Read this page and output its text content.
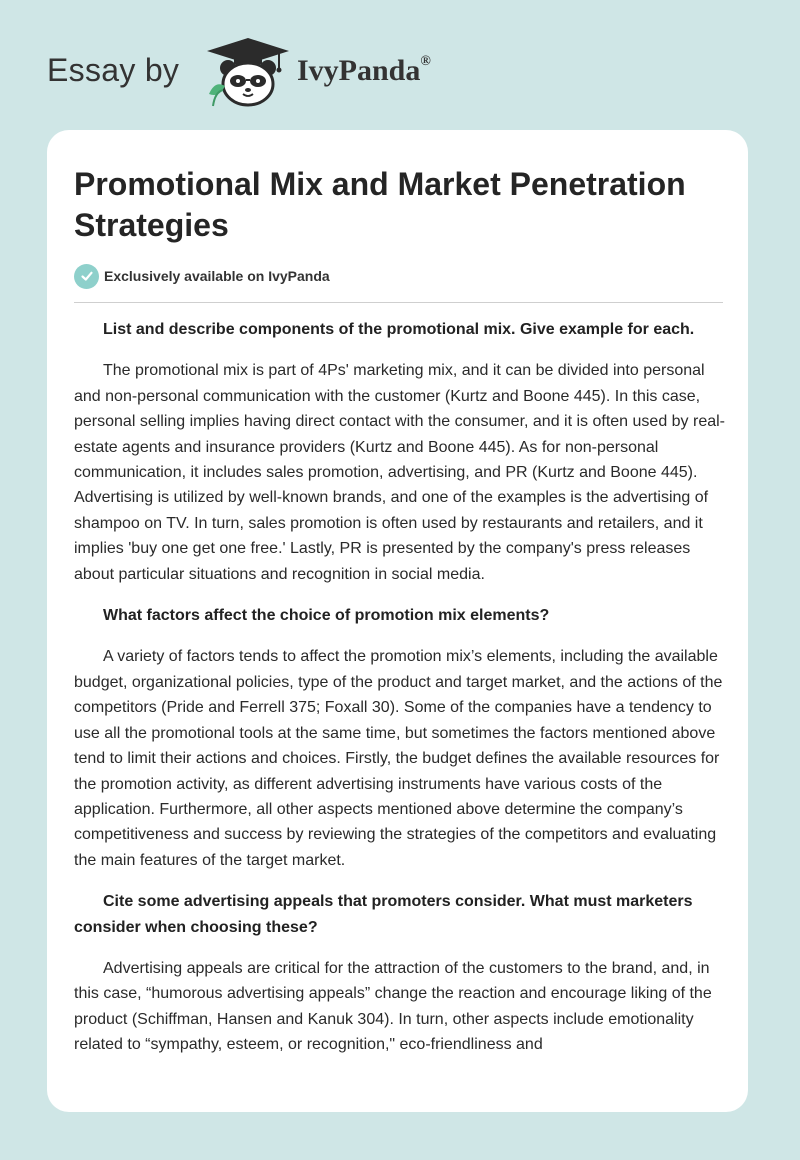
Essay by	IvyPanda®
Promotional Mix and Market Penetration Strategies
Exclusively available on IvyPanda

List and describe components of the promotional mix. Give example for each.

The promotional mix is part of 4Ps' marketing mix, and it can be divided into personal and non-personal communication with the customer (Kurtz and Boone 445). In this case, personal selling implies having direct contact with the consumer, and it is often used by real-estate agents and insurance providers (Kurtz and Boone 445). As for non-personal communication, it includes sales promotion, advertising, and PR (Kurtz and Boone 445). Advertising is utilized by well-known brands, and one of the examples is the advertising of shampoo on TV. In turn, sales promotion is often used by restaurants and retailers, and it implies 'buy one get one free.' Lastly, PR is presented by the company's press releases about particular situations and recognition in social media.

What factors affect the choice of promotion mix elements?

A variety of factors tends to affect the promotion mix’s elements, including the available budget, organizational policies, type of the product and target market, and the actions of the competitors (Pride and Ferrell 375; Foxall 30). Some of the companies have a tendency to use all the promotional tools at the same time, but sometimes the factors mentioned above tend to limit their actions and choices. Firstly, the budget defines the available resources for the promotion activity, as different advertising instruments have various costs of the application. Furthermore, all other aspects mentioned above determine the company’s competitiveness and success by reviewing the strategies of the competitors and evaluating the main features of the target market.

Cite some advertising appeals that promoters consider. What must marketers consider when choosing these?

Advertising appeals are critical for the attraction of the customers to the brand, and, in this case, “humorous advertising appeals” change the reaction and encourage liking of the product (Schiffman, Hansen and Kanuk 304). In turn, other aspects include emotionality related to “sympathy, esteem, or recognition," eco-friendliness and
